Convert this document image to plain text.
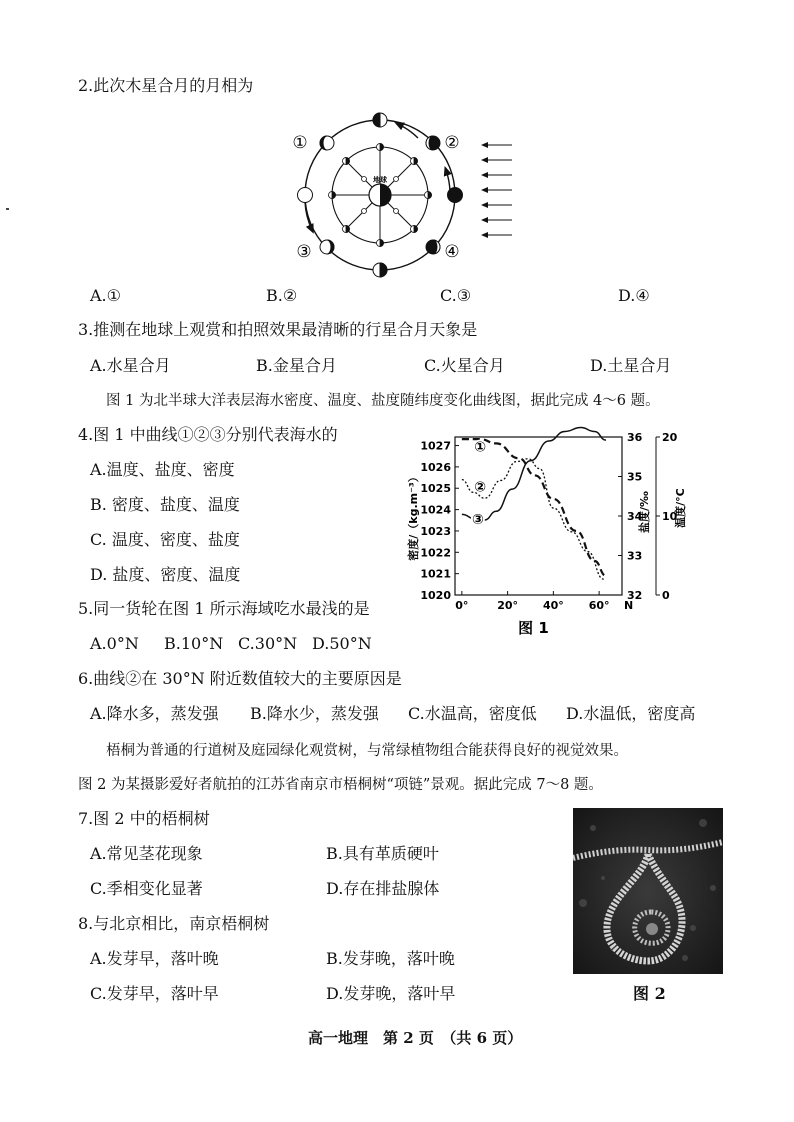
2.此次木星合月的月相为
地球
①	②
③	④
A.①	B.②	C.③	D.④
3.推测在地球上观赏和拍照效果最清晰的行星合月天象是
A.水星合月	B.金星合月	C.火星合月	D.土星合月
图 1 为北半球大洋表层海水密度、温度、盐度随纬度变化曲线图，据此完成 4～6 题。
4.图 1 中曲线①②③分别代表海水的
A.温度、盐度、密度
B. 密度、盐度、温度
C. 温度、密度、盐度
D. 盐度、密度、温度
1027
1026
1025
1024
1023
1022
1021
1020
密度/（kg.m⁻³）
36
35
34
33
32
盐度/‰
20
10
0
温度/°C
0°	20° 40° 60° N
①
②
③
图 1
5.同一货轮在图 1 所示海域吃水最浅的是
A.0°N B.10°N C.30°N D.50°N
6.曲线②在 30°N 附近数值较大的主要原因是
A.降水多，蒸发强 B.降水少，蒸发强 C.水温高，密度低 D.水温低，密度高
梧桐为普通的行道树及庭园绿化观赏树，与常绿植物组合能获得良好的视觉效果。
图 2 为某摄影爱好者航拍的江苏省南京市梧桐树“项链”景观。据此完成 7～8 题。
7.图 2 中的梧桐树
A.常见茎花现象	B.具有革质硬叶
C.季相变化显著	D.存在排盐腺体
8.与北京相比，南京梧桐树
A.发芽早，落叶晚	B.发芽晚，落叶晚
C.发芽早，落叶早	D.发芽晚，落叶早	图 2
高一地理　第 2 页　（共 6 页）
